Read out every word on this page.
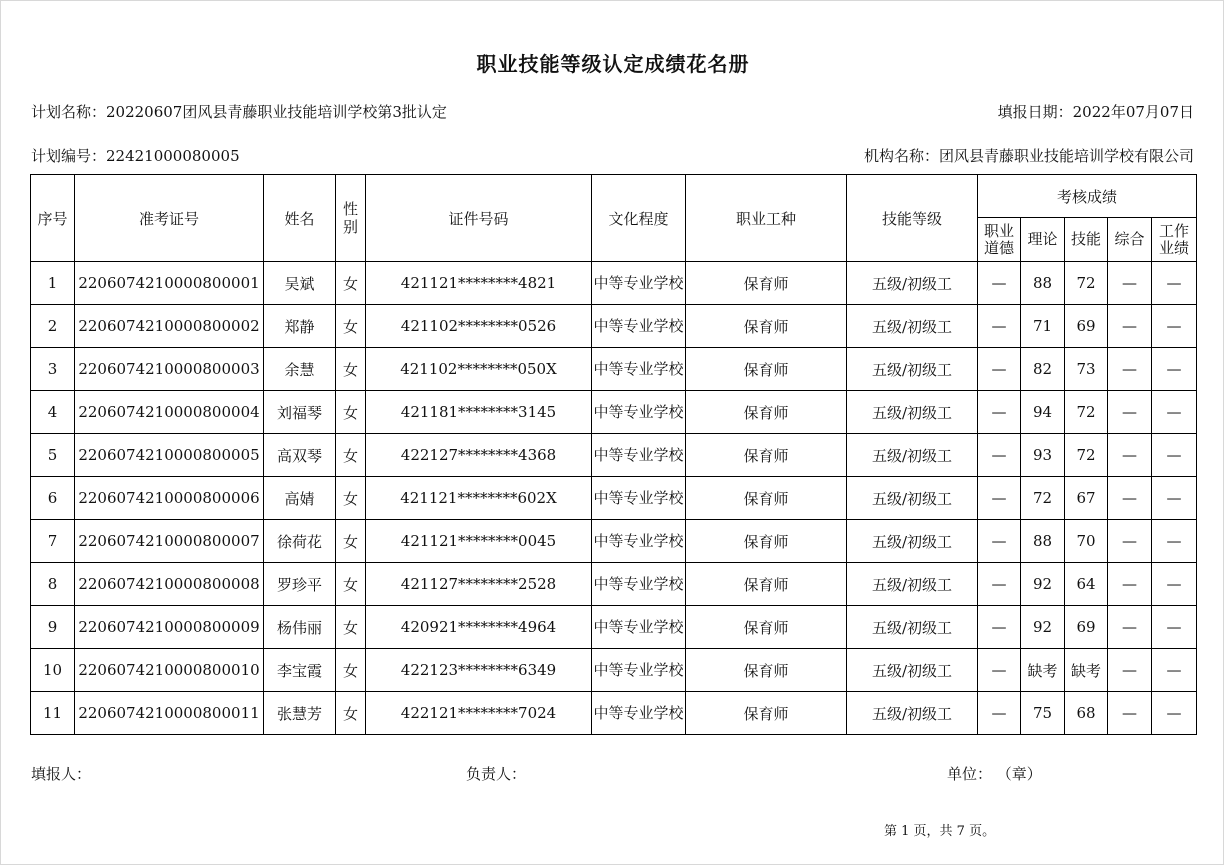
职业技能等级认定成绩花名册
计划名称：20220607团风县青藤职业技能培训学校第3批认定	填报日期：2022年07月07日
计划编号：22421000080005	机构名称：团风县青藤职业技能培训学校有限公司
序号	准考证号	姓名	性别	证件号码	文化程度	职业工种	技能等级	考核成绩				
								职业道德	理论	技能	综合	工作业绩
1	2206074210000800001	吴斌	女	421121********4821	中等专业学校	保育师	五级/初级工	—	88	72	—	—
2	2206074210000800002	郑静	女	421102********0526	中等专业学校	保育师	五级/初级工	—	71	69	—	—
3	2206074210000800003	余慧	女	421102********050X	中等专业学校	保育师	五级/初级工	—	82	73	—	—
4	2206074210000800004	刘福琴	女	421181********3145	中等专业学校	保育师	五级/初级工	—	94	72	—	—
5	2206074210000800005	高双琴	女	422127********4368	中等专业学校	保育师	五级/初级工	—	93	72	—	—
6	2206074210000800006	高婧	女	421121********602X	中等专业学校	保育师	五级/初级工	—	72	67	—	—
7	2206074210000800007	徐荷花	女	421121********0045	中等专业学校	保育师	五级/初级工	—	88	70	—	—
8	2206074210000800008	罗珍平	女	421127********2528	中等专业学校	保育师	五级/初级工	—	92	64	—	—
9	2206074210000800009	杨伟丽	女	420921********4964	中等专业学校	保育师	五级/初级工	—	92	69	—	—
10	2206074210000800010	李宝霞	女	422123********6349	中等专业学校	保育师	五级/初级工	—	缺考	缺考	—	—
11	2206074210000800011	张慧芳	女	422121********7024	中等专业学校	保育师	五级/初级工	—	75	68	—	—
填报人：	负责人：	单位： （章）
第 1 页，共 7 页。
